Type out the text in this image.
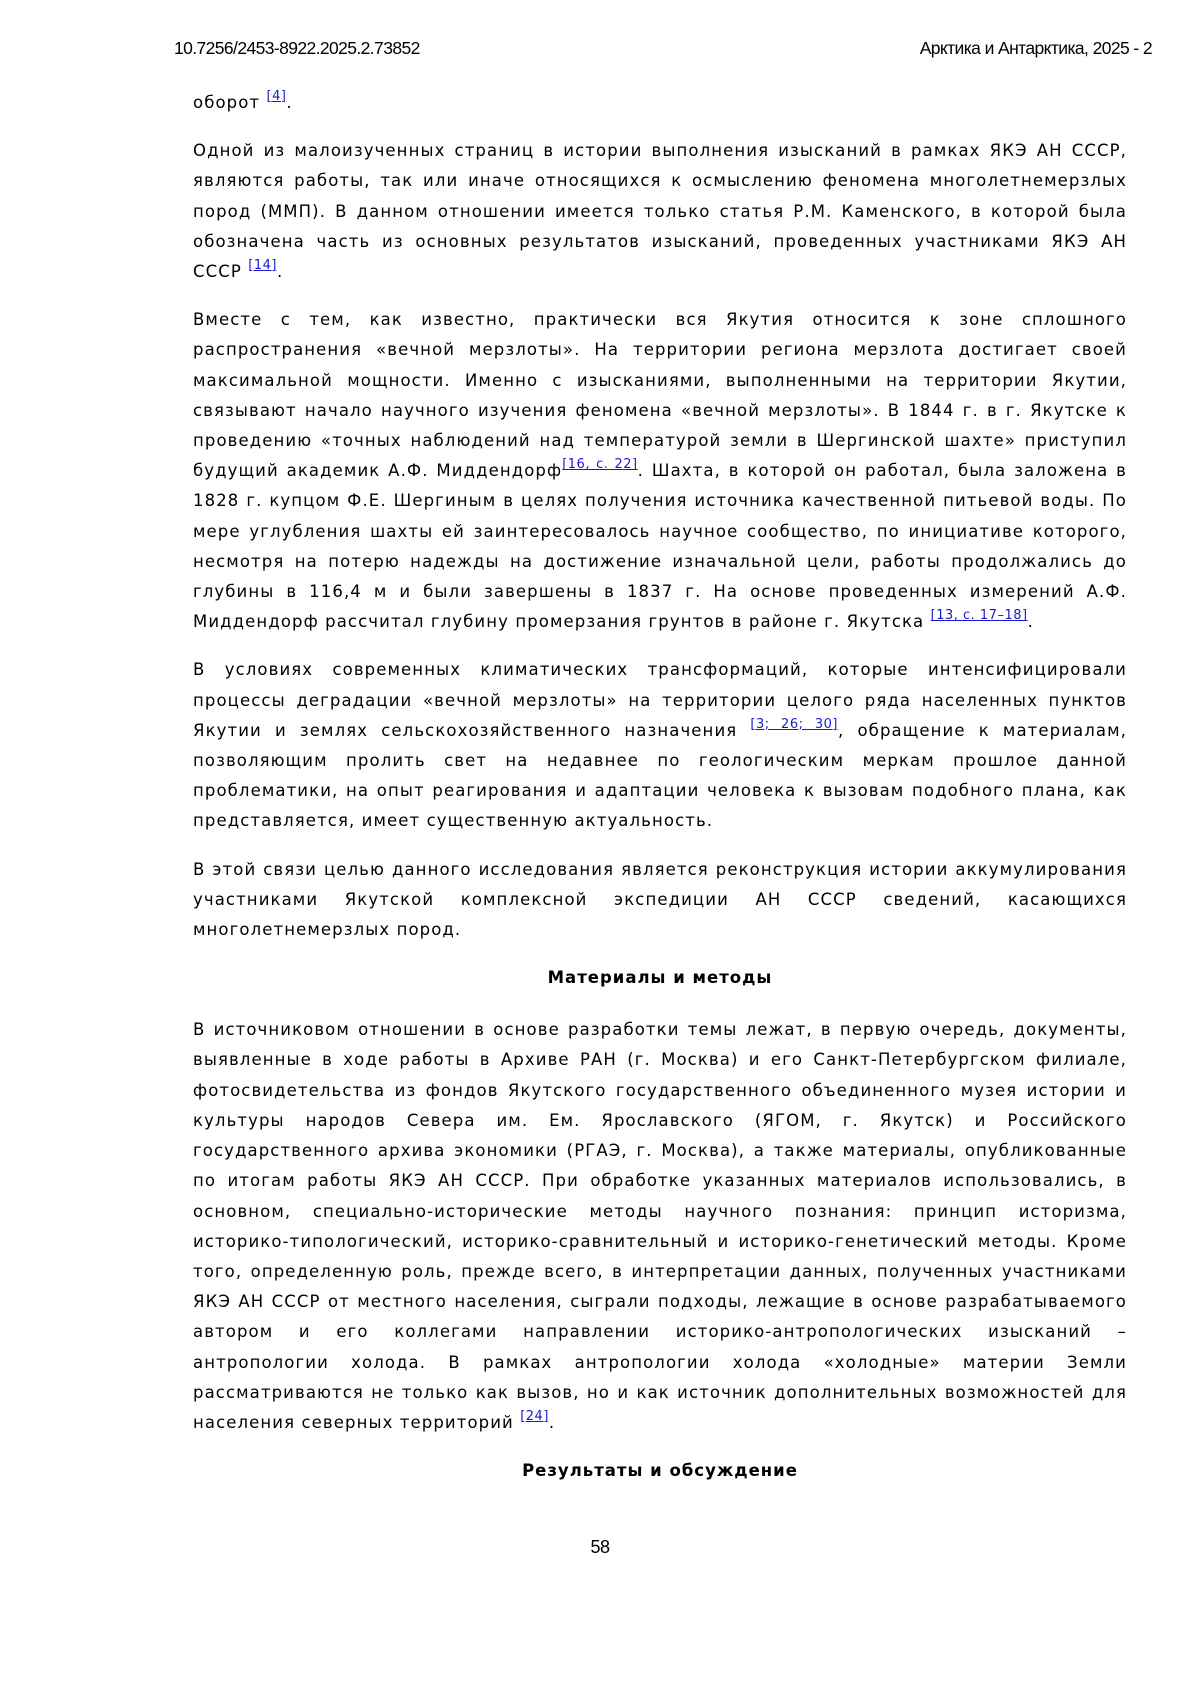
10.7256/2453-8922.2025.2.73852	Арктика и Антарктика, 2025 - 2

оборот [4].

Одной из малоизученных страниц в истории выполнения изысканий в рамках ЯКЭ АН СССР, являются работы, так или иначе относящихся к осмыслению феномена многолетнемерзлых пород (ММП). В данном отношении имеется только статья Р.М. Каменского, в которой была обозначена часть из основных результатов изысканий, проведенных участниками ЯКЭ АН СССР [14].

Вместе с тем, как известно, практически вся Якутия относится к зоне сплошного распространения «вечной мерзлоты». На территории региона мерзлота достигает своей максимальной мощности. Именно с изысканиями, выполненными на территории Якутии, связывают начало научного изучения феномена «вечной мерзлоты». В 1844 г. в г. Якутске к проведению «точных наблюдений над температурой земли в Шергинской шахте» приступил будущий академик А.Ф. Миддендорф[16, с. 22]. Шахта, в которой он работал, была заложена в 1828 г. купцом Ф.Е. Шергиным в целях получения источника качественной питьевой воды. По мере углубления шахты ей заинтересовалось научное сообщество, по инициативе которого, несмотря на потерю надежды на достижение изначальной цели, работы продолжались до глубины в 116,4 м и были завершены в 1837 г. На основе проведенных измерений А.Ф. Миддендорф рассчитал глубину промерзания грунтов в районе г. Якутска [13, с. 17–18].

В условиях современных климатических трансформаций, которые интенсифицировали процессы деградации «вечной мерзлоты» на территории целого ряда населенных пунктов Якутии и землях сельскохозяйственного назначения [3; 26; 30], обращение к материалам, позволяющим пролить свет на недавнее по геологическим меркам прошлое данной проблематики, на опыт реагирования и адаптации человека к вызовам подобного плана, как представляется, имеет существенную актуальность.

В этой связи целью данного исследования является реконструкция истории аккумулирования участниками Якутской комплексной экспедиции АН СССР сведений, касающихся многолетнемерзлых пород.

Материалы и методы

В источниковом отношении в основе разработки темы лежат, в первую очередь, документы, выявленные в ходе работы в Архиве РАН (г. Москва) и его Санкт-Петербургском филиале, фотосвидетельства из фондов Якутского государственного объединенного музея истории и культуры народов Севера им. Ем. Ярославского (ЯГОМ, г. Якутск) и Российского государственного архива экономики (РГАЭ, г. Москва), а также материалы, опубликованные по итогам работы ЯКЭ АН СССР. При обработке указанных материалов использовались, в основном, специально-исторические методы научного познания: принцип историзма, историко-типологический, историко-сравнительный и историко-генетический методы. Кроме того, определенную роль, прежде всего, в интерпретации данных, полученных участниками ЯКЭ АН СССР от местного населения, сыграли подходы, лежащие в основе разрабатываемого автором и его коллегами направлении историко-антропологических изысканий – антропологии холода. В рамках антропологии холода «холодные» материи Земли рассматриваются не только как вызов, но и как источник дополнительных возможностей для населения северных территорий [24].

Результаты и обсуждение
58
